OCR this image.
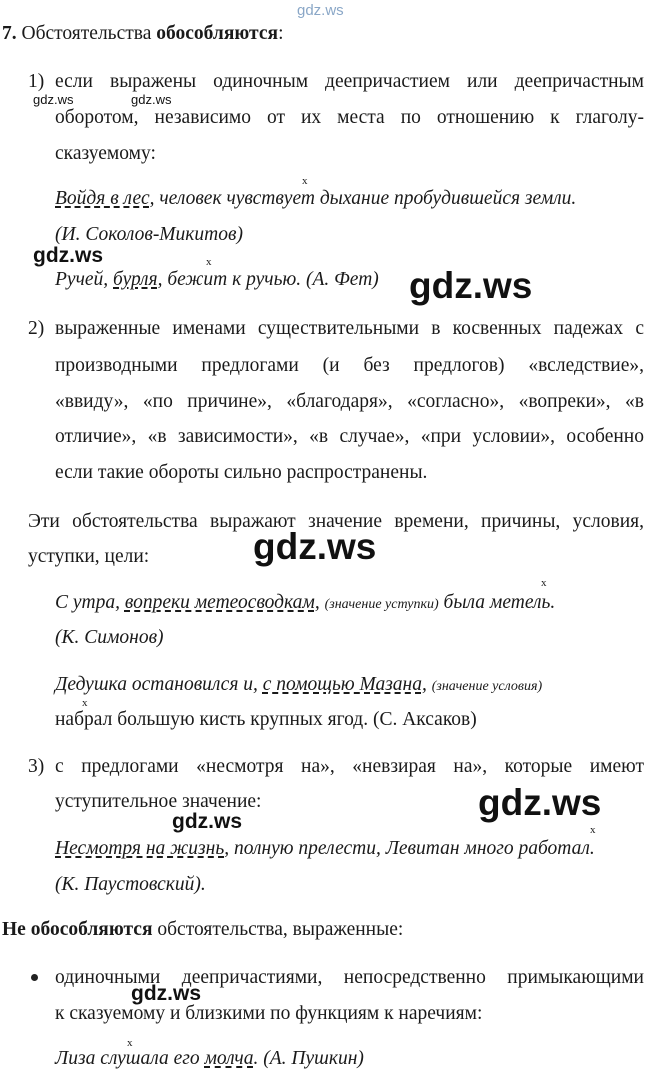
gdz.ws
7. Обстоятельства обособляются:
1) если выражены одиночным деепричастием или деепричастным
gdz.ws	gdz.ws
оборотом, независимо от их места по отношению к глаголу-
сказуемому:
x
Войдя в лес, человек чувствует дыхание пробудившейся земли.
(И. Соколов-Микитов)
gdz.ws	x
Ручей, бурля, бежит к ручью. (А. Фет) gdz.ws
2) выраженные именами существительными в косвенных падежах с
производными предлогами (и без предлогов) «вследствие»,
«ввиду», «по причине», «благодаря», «согласно», «вопреки», «в
отличие», «в зависимости», «в случае», «при условии», особенно
если такие обороты сильно распространены.
Эти обстоятельства выражают значение времени, причины, условия,
уступки, цели:	gdz.ws
x
С утра, вопреки метеосводкам, (значение уступки) была метель.
(К. Симонов)
Дедушка остановился и, с помощью Мазана, (значение условия)
x
набрал большую кисть крупных ягод. (С. Аксаков)
3) с предлогами «несмотря на», «невзирая на», которые имеют
уступительное значение:	gdz.ws
gdz.ws	x
Несмотря на жизнь, полную прелести, Левитан много работал.
(К. Паустовский).
Не обособляются обстоятельства, выраженные:
одиночными деепричастиями, непосредственно примыкающими
gdz.ws
к сказуемому и близкими по функциям к наречиям:
x
Лиза слушала его молча. (А. Пушкин)
